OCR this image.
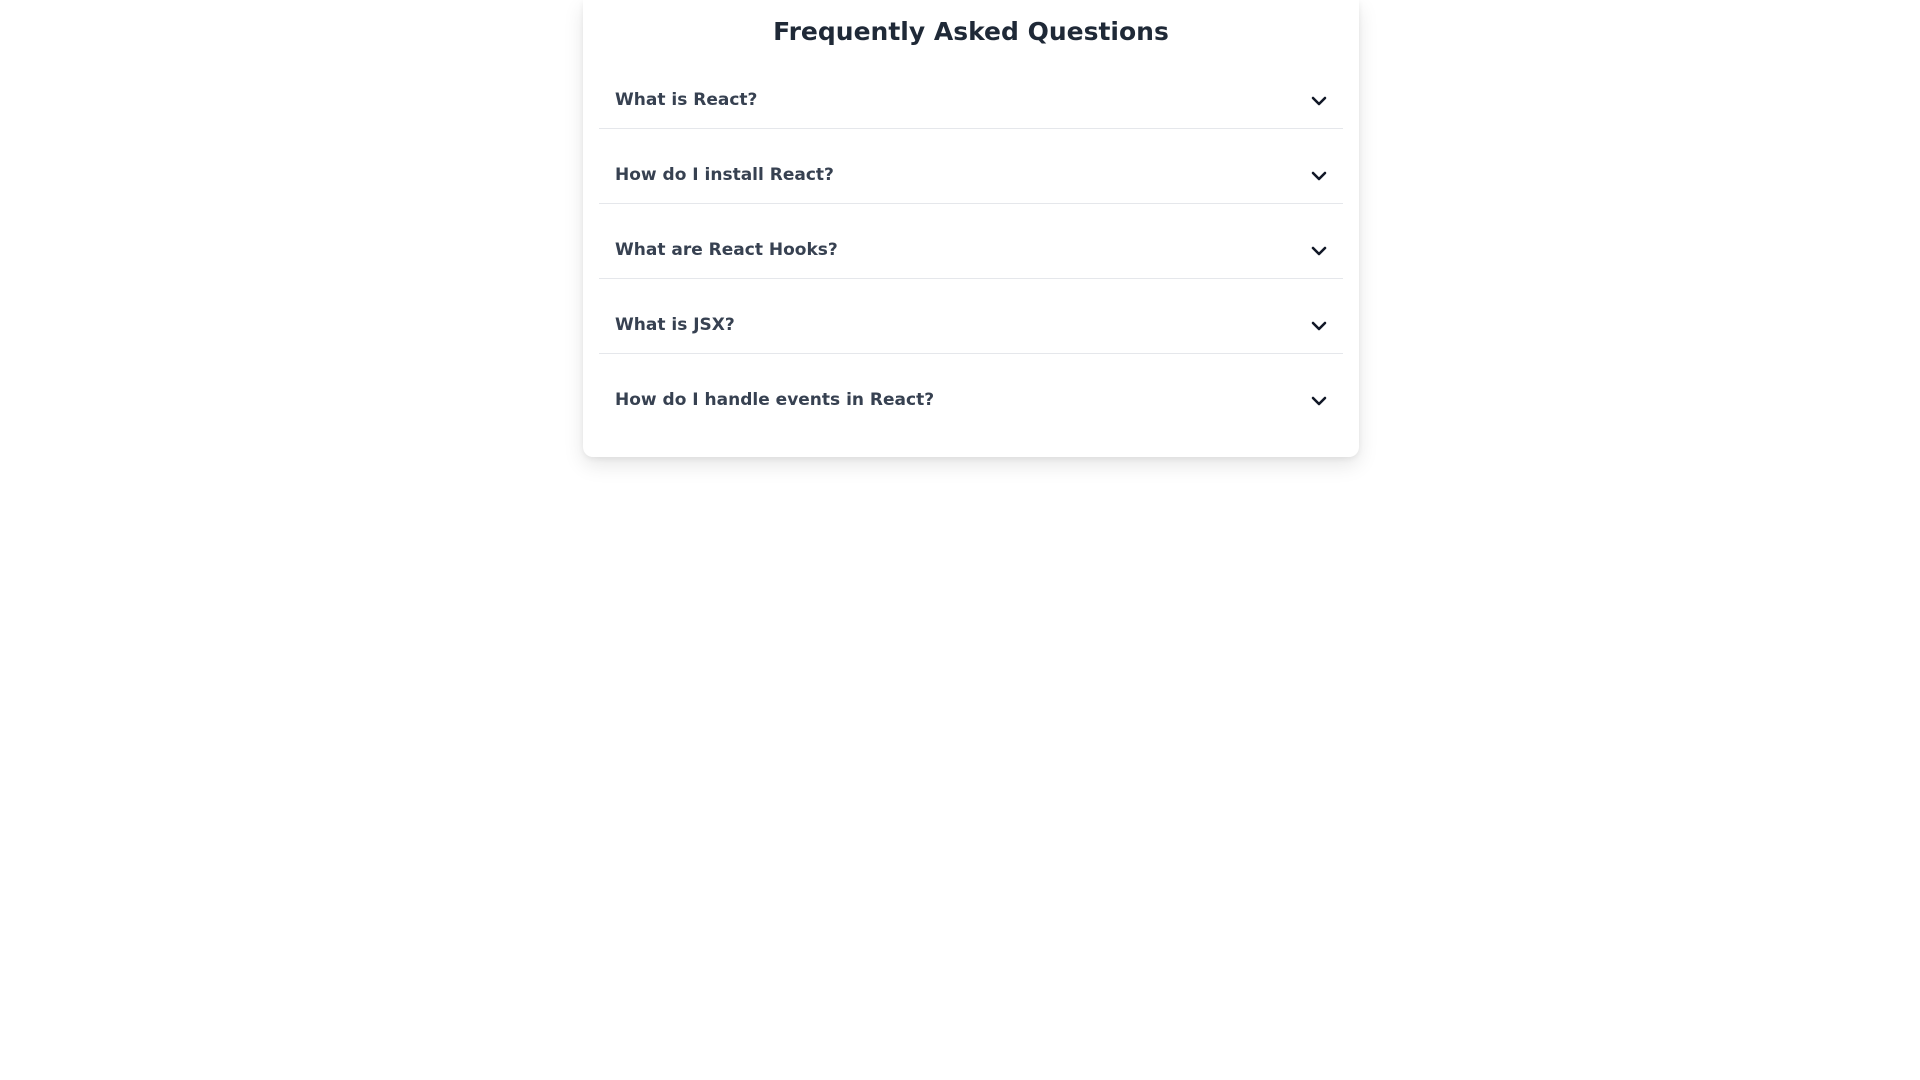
Frequently Asked Questions
What is React?
How do I install React?
What are React Hooks?
What is JSX?
How do I handle events in React?
